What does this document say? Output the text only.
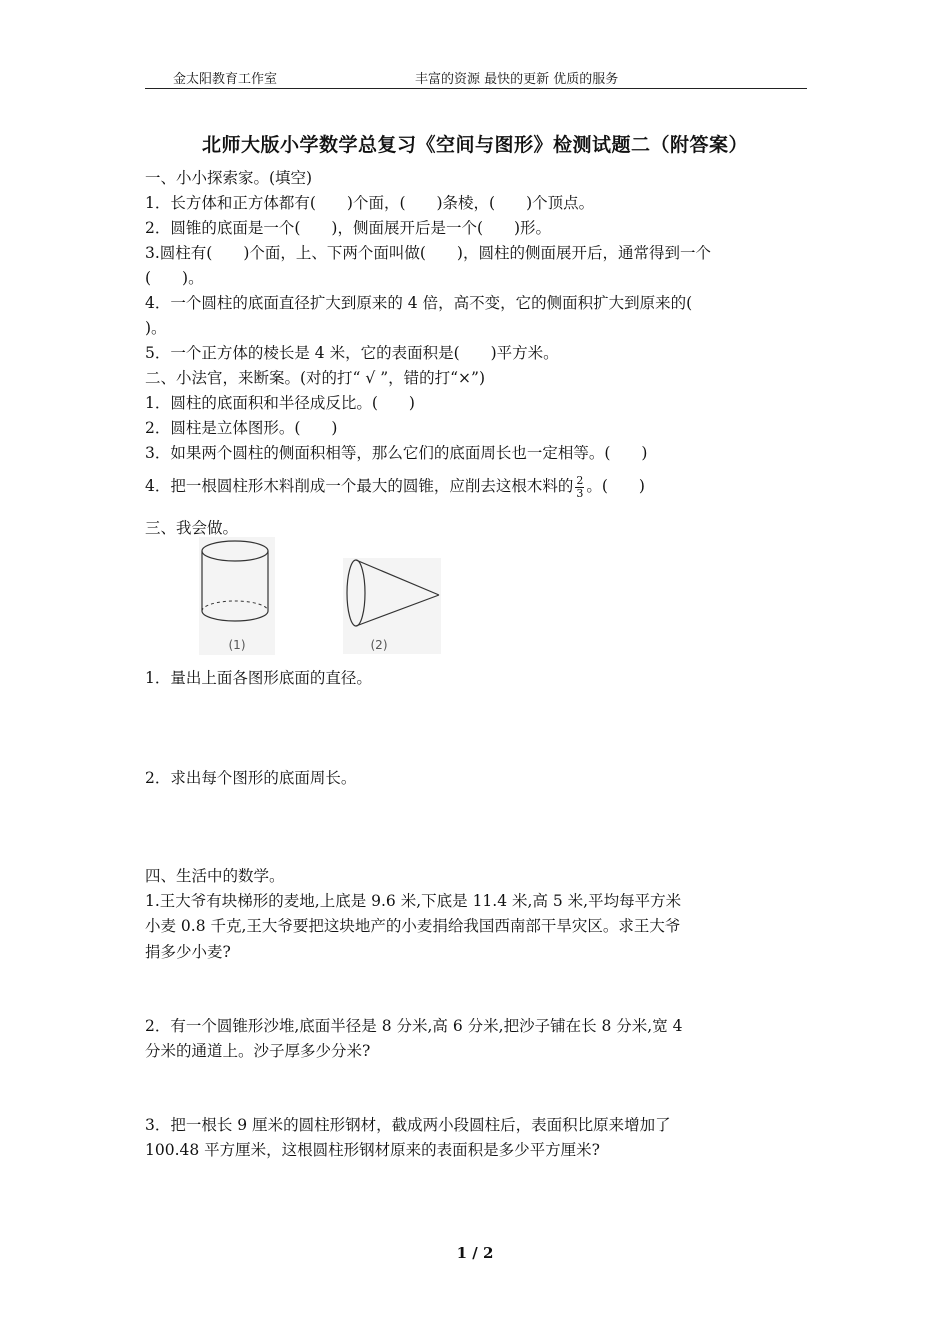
金太阳教育工作室	丰富的资源 最快的更新 优质的服务
北师大版小学数学总复习《空间与图形》检测试题二（附答案）
一、小小探索家。(填空)
1．长方体和正方体都有(　　)个面，(　　)条棱，(　　)个顶点。
2．圆锥的底面是一个(　　)，侧面展开后是一个(　　)形。
3.圆柱有(　　)个面，上、下两个面叫做(　　)，圆柱的侧面展开后，通常得到一个
(　　)。
4．一个圆柱的底面直径扩大到原来的 4 倍，高不变，它的侧面积扩大到原来的(
)。
5．一个正方体的棱长是 4 米，它的表面积是(　　)平方米。
二、小法官，来断案。(对的打“ √ ”，错的打“×”)
1．圆柱的底面积和半径成反比。(　　)
2．圆柱是立体图形。(　　)
3．如果两个圆柱的侧面积相等，那么它们的底面周长也一定相等。(　　)
4．把一根圆柱形木料削成一个最大的圆锥，应削去这根木料的 $\frac{2}{3}$ 。(　　)
三、我会做。
(1)	(2)
1．量出上面各图形底面的直径。
2．求出每个图形的底面周长。
四、生活中的数学。
1.王大爷有块梯形的麦地,上底是 9.6 米,下底是 11.4 米,高 5 米,平均每平方米
小麦 0.8 千克,王大爷要把这块地产的小麦捐给我国西南部干旱灾区。求王大爷
捐多少小麦?
2．有一个圆锥形沙堆,底面半径是 8 分米,高 6 分米,把沙子铺在长 8 分米,宽 4
分米的通道上。沙子厚多少分米?
3．把一根长 9 厘米的圆柱形钢材，截成两小段圆柱后，表面积比原来增加了
100.48 平方厘米，这根圆柱形钢材原来的表面积是多少平方厘米?
1 / 2
